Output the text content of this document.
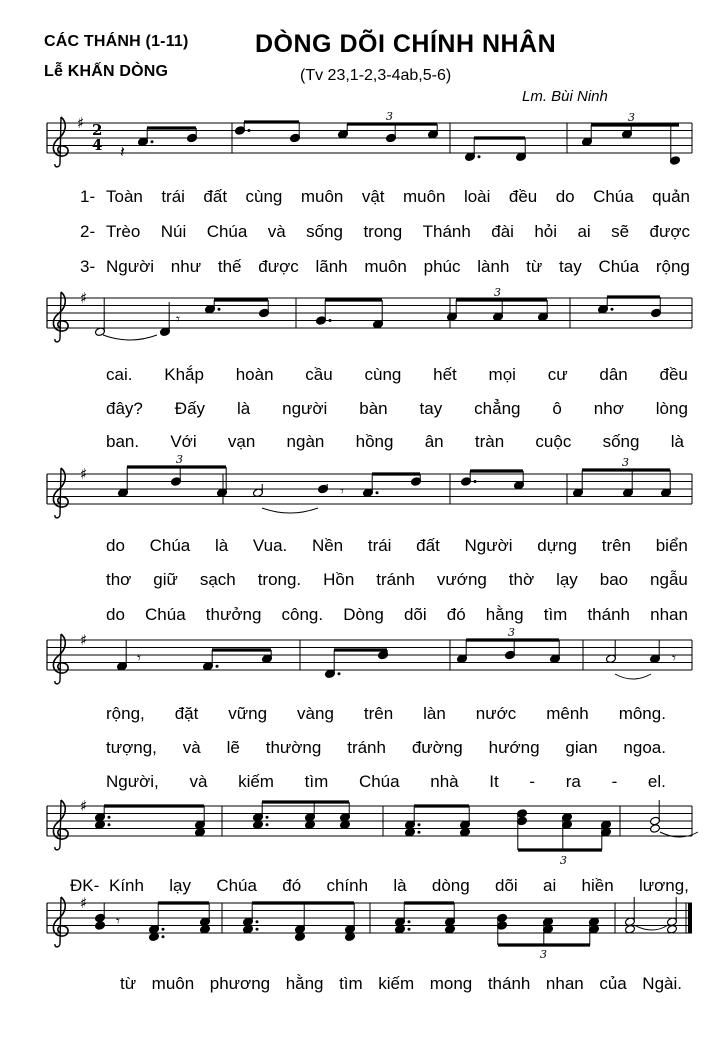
CÁC THÁNH (1-11)
Lễ KHẤN DÒNG
DÒNG DÕI CHÍNH NHÂN
(Tv 23,1-2,3-4ab,5-6)
Lm. Bùi Ninh
♯
♯
♯
♯
♯
♯
2
4 𝄽
3	3
𝄾
3
3
𝄾
3
𝄾
3
𝄾
3
𝄾
3
1-
2-
3-
Toàn trái đất cùng muôn vật muôn loài đều do Chúa quản
Trèo Núi Chúa và sống trong Thánh đài hỏi ai sẽ được
Người như thế được lãnh muôn phúc lành từ tay Chúa rộng
cai. Khắp hoàn cầu cùng hết mọi cư dân đều
đây? Đấy là người bàn tay chẳng ô nhơ lòng
ban. Với vạn ngàn hồng ân tràn cuộc sống là
do Chúa là Vua. Nền trái đất Người dựng trên biển
thơ giữ sạch trong. Hồn tránh vướng thờ lạy bao ngẫu
do Chúa thưởng công. Dòng dõi đó hằng tìm thánh nhan
rộng, đặt vững vàng trên làn nước mênh mông.
tượng, và lẽ thường tránh đường hướng gian ngoa.
Người, và kiếm tìm Chúa nhà It - ra - el.
ĐK- Kính lạy Chúa đó chính là dòng dõi ai hiền lương,
từ muôn phương hằng tìm kiếm mong thánh nhan của Ngài.
